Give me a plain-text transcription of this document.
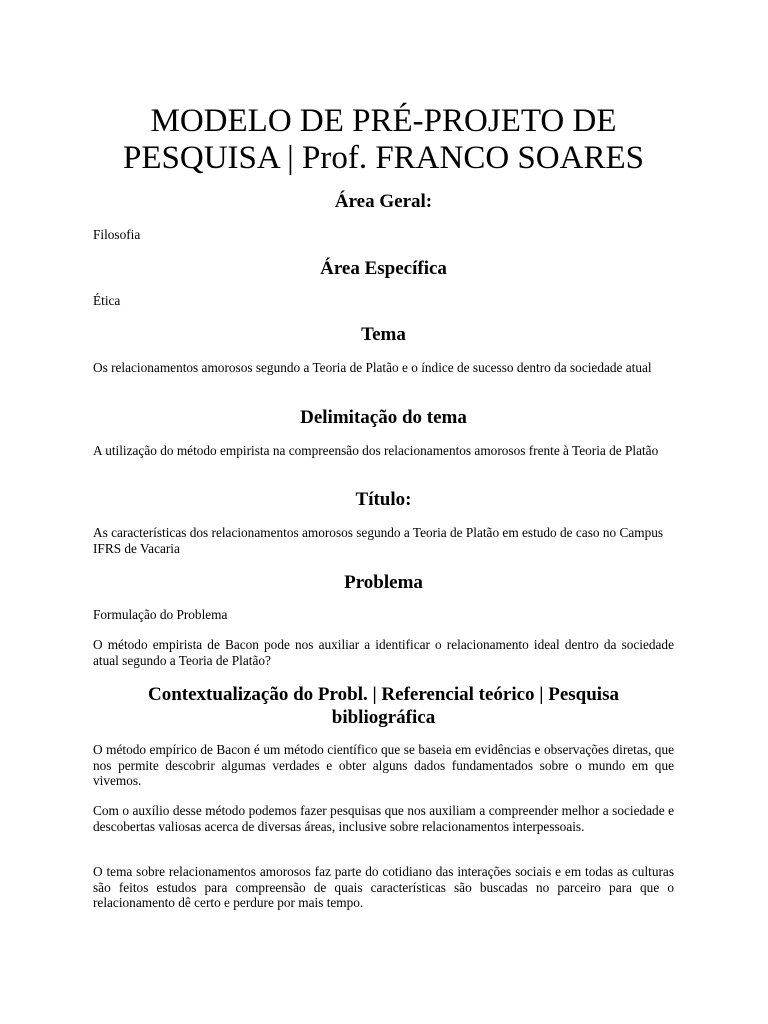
MODELO DE PRÉ-PROJETO DE PESQUISA | Prof. FRANCO SOARES
Área Geral:

Filosofia

Área Específica

Ética

Tema

Os relacionamentos amorosos segundo a Teoria de Platão e o índice de sucesso dentro da sociedade atual

Delimitação do tema

A utilização do método empirista na compreensão dos relacionamentos amorosos frente à Teoria de Platão

Título:

As características dos relacionamentos amorosos segundo a Teoria de Platão em estudo de caso no Campus IFRS de Vacaria

Problema

Formulação do Problema

O método empirista de Bacon pode nos auxiliar a identificar o relacionamento ideal dentro da sociedade atual segundo a Teoria de Platão?

Contextualização do Probl. | Referencial teórico | Pesquisa bibliográfica

O método empírico de Bacon é um método científico que se baseia em evidências e observações diretas, que nos permite descobrir algumas verdades e obter alguns dados fundamentados sobre o mundo em que vivemos.

Com o auxílio desse método podemos fazer pesquisas que nos auxiliam a compreender melhor a sociedade e descobertas valiosas acerca de diversas áreas, inclusive sobre relacionamentos interpessoais.

O tema sobre relacionamentos amorosos faz parte do cotidiano das interações sociais e em todas as culturas são feitos estudos para compreensão de quais características são buscadas no parceiro para que o relacionamento dê certo e perdure por mais tempo.
